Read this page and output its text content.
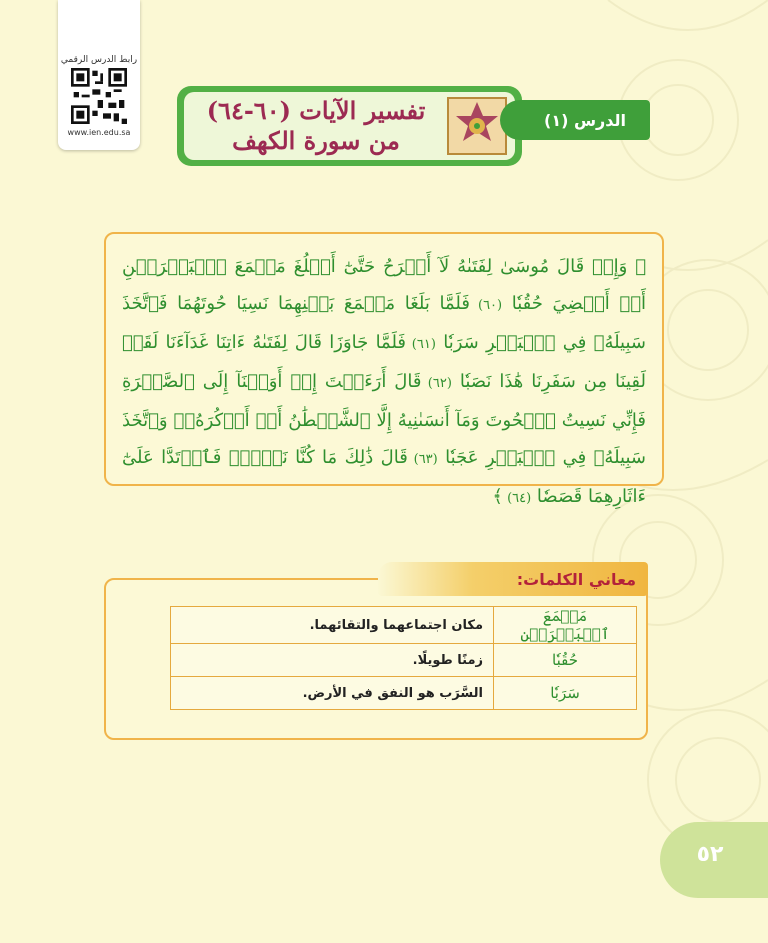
رابط الدرس الرقمي
www.ien.edu.sa
تفسير الآيات (٦٠-٦٤)
من سورة الكهف
الدرس (١)
﴿ وَإِذۡ قَالَ مُوسَىٰ لِفَتَىٰهُ لَآ أَبۡرَحُ حَتَّىٰٓ أَبۡلُغَ مَجۡمَعَ ٱلۡبَحۡرَيۡنِ أَوۡ أَمۡضِيَ حُقُبٗا (٦٠) فَلَمَّا بَلَغَا مَجۡمَعَ بَيۡنِهِمَا نَسِيَا حُوتَهُمَا فَٱتَّخَذَ سَبِيلَهُۥ فِي ٱلۡبَحۡرِ سَرَبٗا (٦١) فَلَمَّا جَاوَزَا قَالَ لِفَتَىٰهُ ءَاتِنَا غَدَآءَنَا لَقَدۡ لَقِينَا مِن سَفَرِنَا هَٰذَا نَصَبٗا (٦٢) قَالَ أَرَءَيۡتَ إِذۡ أَوَيۡنَآ إِلَى ٱلصَّخۡرَةِ فَإِنِّي نَسِيتُ ٱلۡحُوتَ وَمَآ أَنسَىٰنِيهُ إِلَّا ٱلشَّيۡطَٰنُ أَنۡ أَذۡكُرَهُۥۚ وَٱتَّخَذَ سَبِيلَهُۥ فِي ٱلۡبَحۡرِ عَجَبٗا (٦٣) قَالَ ذَٰلِكَ مَا كُنَّا نَبۡغِۚ فَٱرۡتَدَّا عَلَىٰٓ ءَاثَارِهِمَا قَصَصٗا (٦٤) ﴾
معاني الكلمات:
مَجۡمَعَ ٱلۡبَحۡرَيۡنِ	مكان اجتماعهما والتقائهما.
حُقُبٗا	زمنًا طويلًا.
سَرَبٗا	السَّرَب هو النفق في الأرض.
٥٢
